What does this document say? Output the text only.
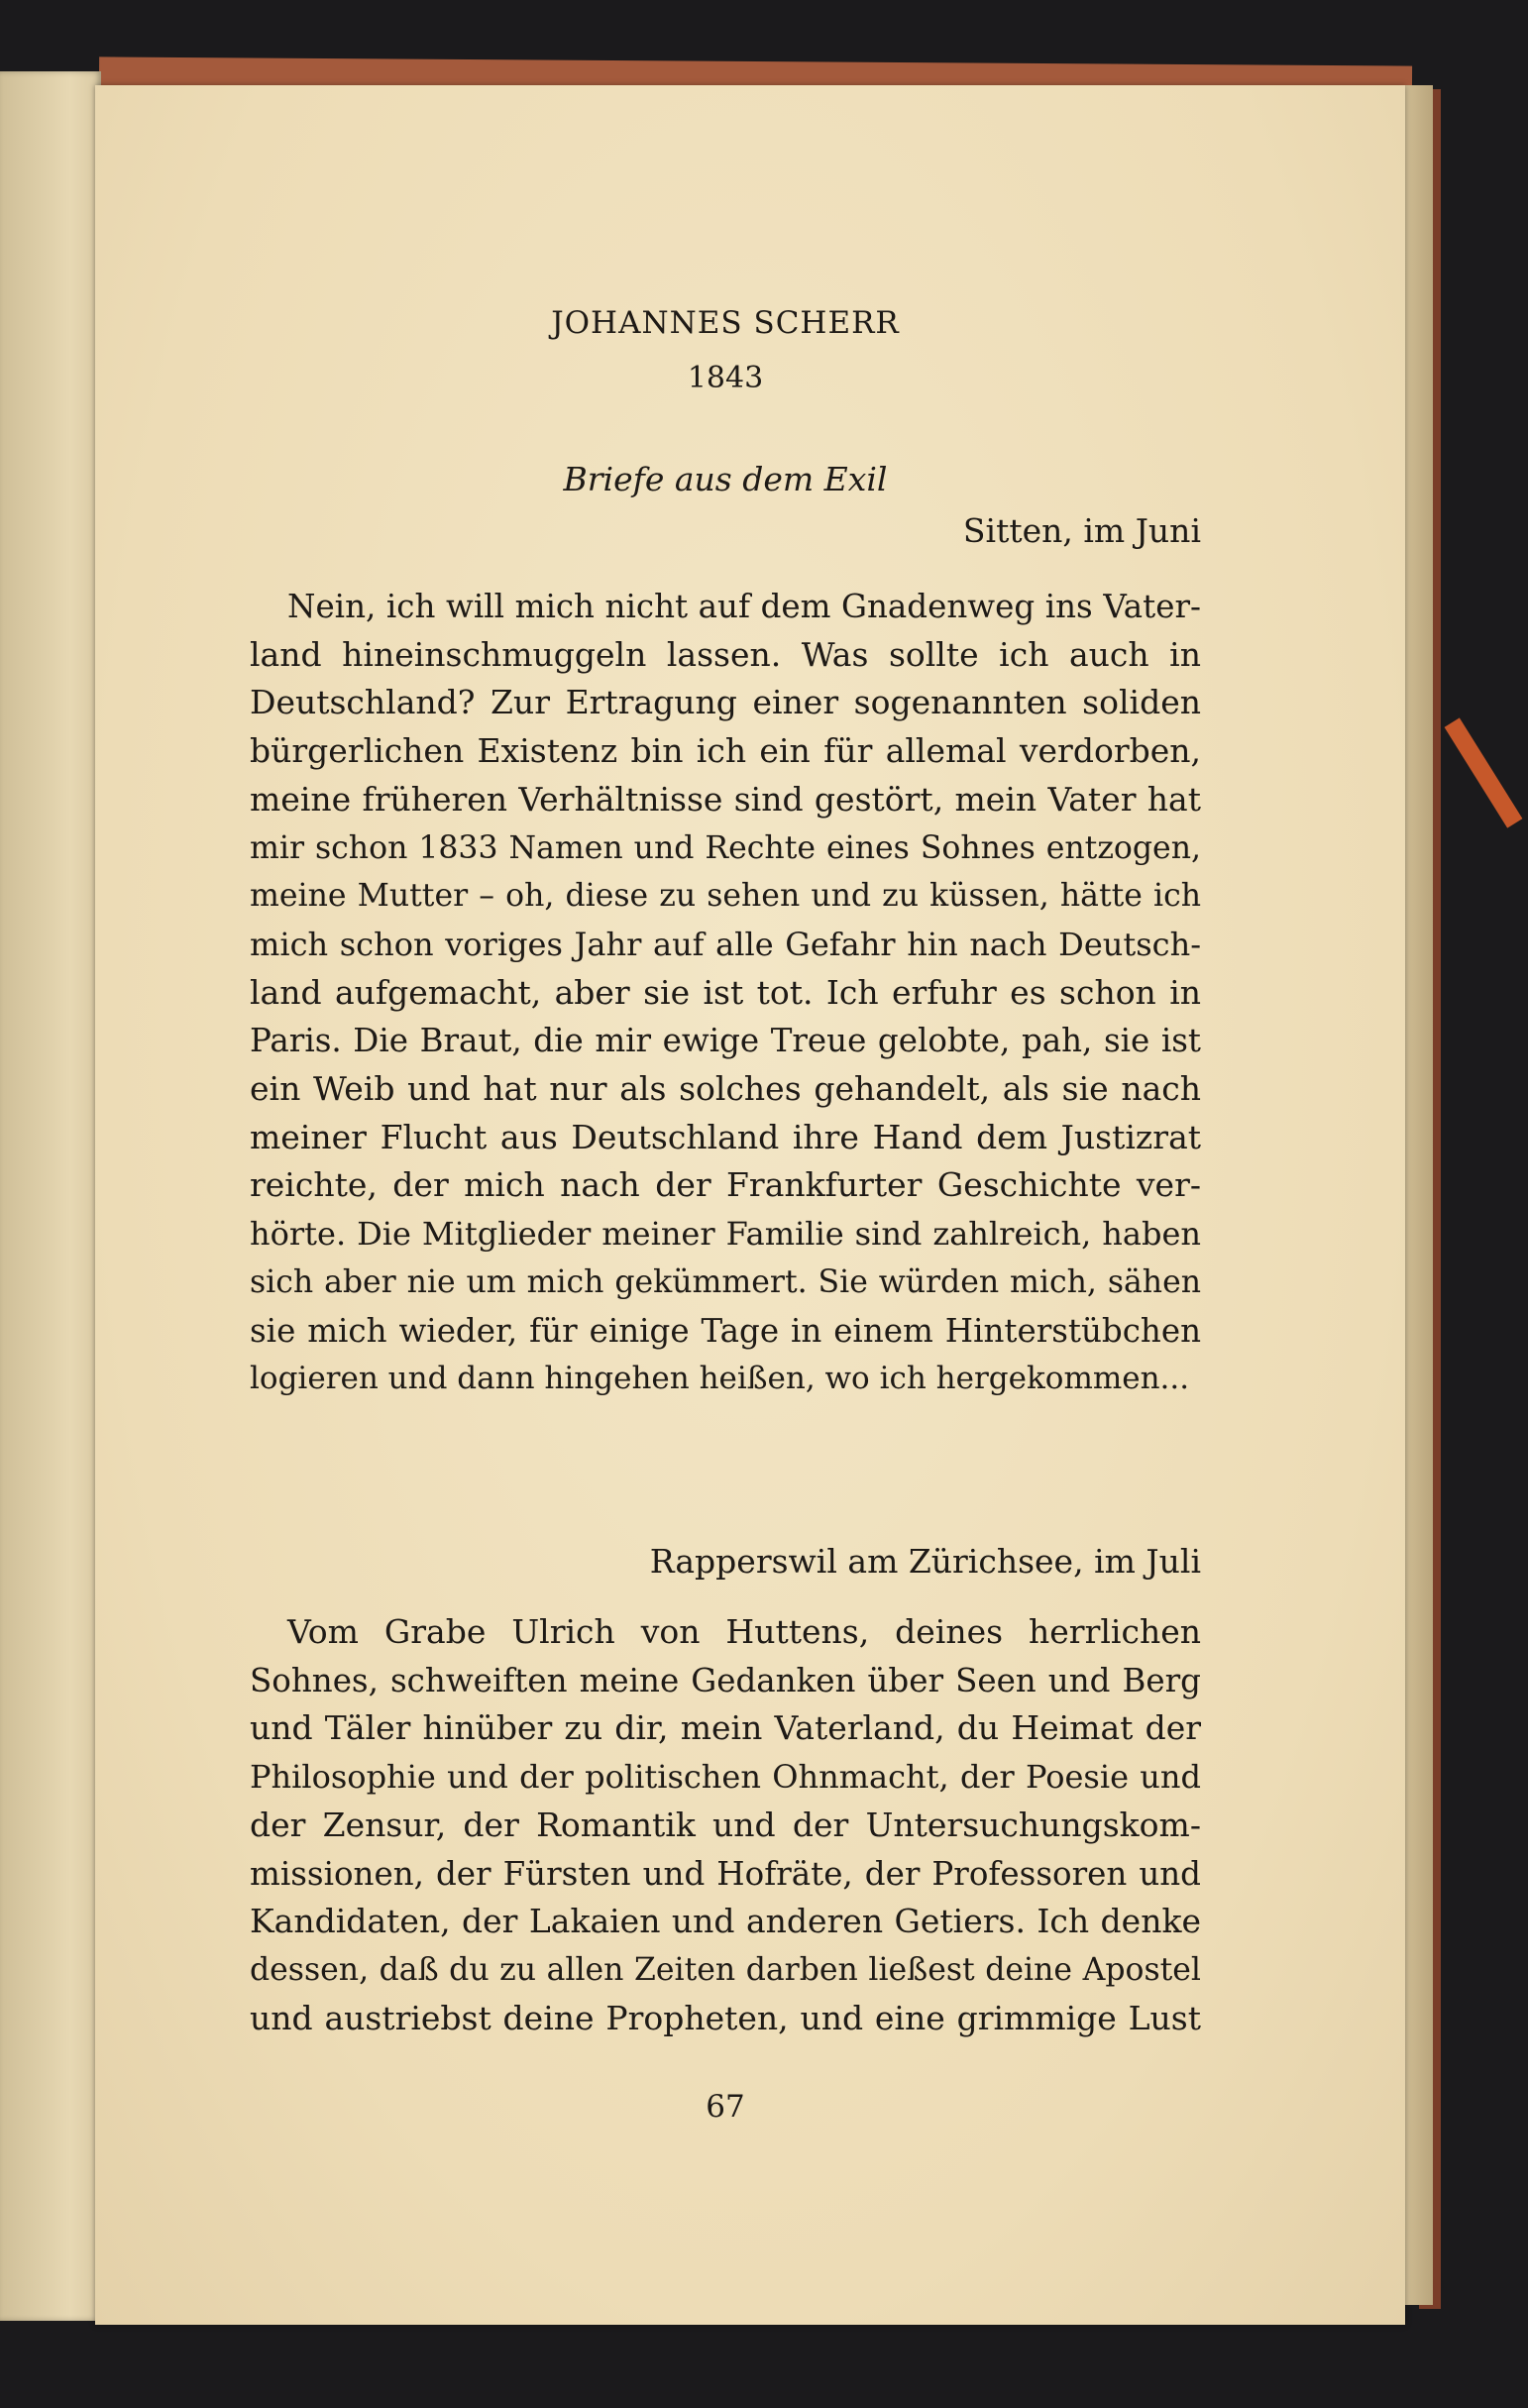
JOHANNES SCHERR
1843
Briefe aus dem Exil
Sitten, im Juni
Nein, ich will mich nicht auf dem Gnadenweg ins Vater-
land hineinschmuggeln lassen. Was sollte ich auch in
Deutschland? Zur Ertragung einer sogenannten soliden
bürgerlichen Existenz bin ich ein für allemal verdorben,
meine früheren Verhältnisse sind gestört, mein Vater hat
mir schon 1833 Namen und Rechte eines Sohnes entzogen,
meine Mutter – oh, diese zu sehen und zu küssen, hätte ich
mich schon voriges Jahr auf alle Gefahr hin nach Deutsch-
land aufgemacht, aber sie ist tot. Ich erfuhr es schon in
Paris. Die Braut, die mir ewige Treue gelobte, pah, sie ist
ein Weib und hat nur als solches gehandelt, als sie nach
meiner Flucht aus Deutschland ihre Hand dem Justizrat
reichte, der mich nach der Frankfurter Geschichte ver-
hörte. Die Mitglieder meiner Familie sind zahlreich, haben
sich aber nie um mich gekümmert. Sie würden mich, sähen
sie mich wieder, für einige Tage in einem Hinterstübchen
logieren und dann hingehen heißen, wo ich hergekommen...
Rapperswil am Zürichsee, im Juli
Vom Grabe Ulrich von Huttens, deines herrlichen
Sohnes, schweiften meine Gedanken über Seen und Berg
und Täler hinüber zu dir, mein Vaterland, du Heimat der
Philosophie und der politischen Ohnmacht, der Poesie und
der Zensur, der Romantik und der Untersuchungskom-
missionen, der Fürsten und Hofräte, der Professoren und
Kandidaten, der Lakaien und anderen Getiers. Ich denke
dessen, daß du zu allen Zeiten darben ließest deine Apostel
und austriebst deine Propheten, und eine grimmige Lust
67
